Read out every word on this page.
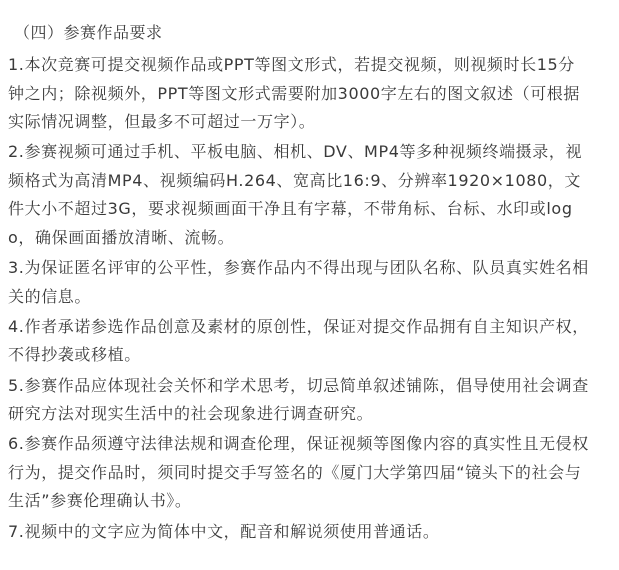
（四）参赛作品要求
1.本次竞赛可提交视频作品或PPT等图文形式，若提交视频，则视频时长15分
钟之内；除视频外，PPT等图文形式需要附加3000字左右的图文叙述（可根据
实际情况调整，但最多不可超过一万字）。
2.参赛视频可通过手机、平板电脑、相机、DV、MP4等多种视频终端摄录，视
频格式为高清MP4、视频编码H.264、宽高比16:9、分辨率1920×1080，文
件大小不超过3G，要求视频画面干净且有字幕，不带角标、台标、水印或log
o，确保画面播放清晰、流畅。
3.为保证匿名评审的公平性，参赛作品内不得出现与团队名称、队员真实姓名相
关的信息。
4.作者承诺参选作品创意及素材的原创性，保证对提交作品拥有自主知识产权，
不得抄袭或移植。
5.参赛作品应体现社会关怀和学术思考，切忌简单叙述铺陈，倡导使用社会调查
研究方法对现实生活中的社会现象进行调查研究。
6.参赛作品须遵守法律法规和调查伦理，保证视频等图像内容的真实性且无侵权
行为，提交作品时，须同时提交手写签名的《厦门大学第四届“镜头下的社会与
生活”参赛伦理确认书》。
7.视频中的文字应为简体中文，配音和解说须使用普通话。
